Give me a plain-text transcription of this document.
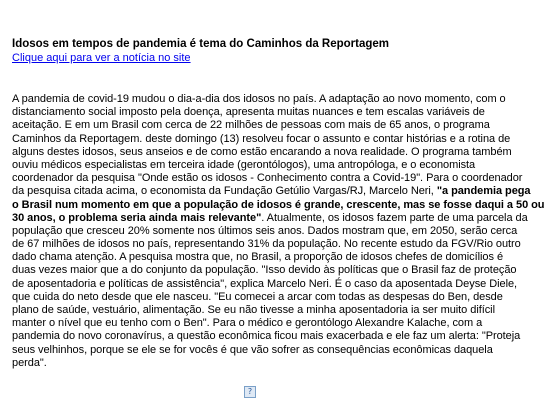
Idosos em tempos de pandemia é tema do Caminhos da Reportagem
Clique aqui para ver a notícia no site
A pandemia de covid-19 mudou o dia-a-dia dos idosos no país. A adaptação ao novo momento, com o
distanciamento social imposto pela doença, apresenta muitas nuances e tem escalas variáveis de
aceitação. E em um Brasil com cerca de 22 milhões de pessoas com mais de 65 anos, o programa
Caminhos da Reportagem. deste domingo (13) resolveu focar o assunto e contar histórias e a rotina de
alguns destes idosos, seus anseios e de como estão encarando a nova realidade. O programa também
ouviu médicos especialistas em terceira idade (gerontólogos), uma antropóloga, e o economista
coordenador da pesquisa "Onde estão os idosos - Conhecimento contra a Covid-19". Para o coordenador
da pesquisa citada acima, o economista da Fundação Getúlio Vargas/RJ, Marcelo Neri, "a pandemia pega
o Brasil num momento em que a população de idosos é grande, crescente, mas se fosse daqui a 50 ou
30 anos, o problema seria ainda mais relevante". Atualmente, os idosos fazem parte de uma parcela da
população que cresceu 20% somente nos últimos seis anos. Dados mostram que, em 2050, serão cerca
de 67 milhões de idosos no país, representando 31% da população. No recente estudo da FGV/Rio outro
dado chama atenção. A pesquisa mostra que, no Brasil, a proporção de idosos chefes de domicílios é
duas vezes maior que a do conjunto da população. "Isso devido às políticas que o Brasil faz de proteção
de aposentadoria e políticas de assistência", explica Marcelo Neri. É o caso da aposentada Deyse Diele,
que cuida do neto desde que ele nasceu. "Eu comecei a arcar com todas as despesas do Ben, desde
plano de saúde, vestuário, alimentação. Se eu não tivesse a minha aposentadoria ia ser muito difícil
manter o nível que eu tenho com o Ben". Para o médico e gerontólogo Alexandre Kalache, com a
pandemia do novo coronavírus, a questão econômica ficou mais exacerbada e ele faz um alerta: "Proteja
seus velhinhos, porque se ele se for vocês é que vão sofrer as consequências econômicas daquela
perda".
?
